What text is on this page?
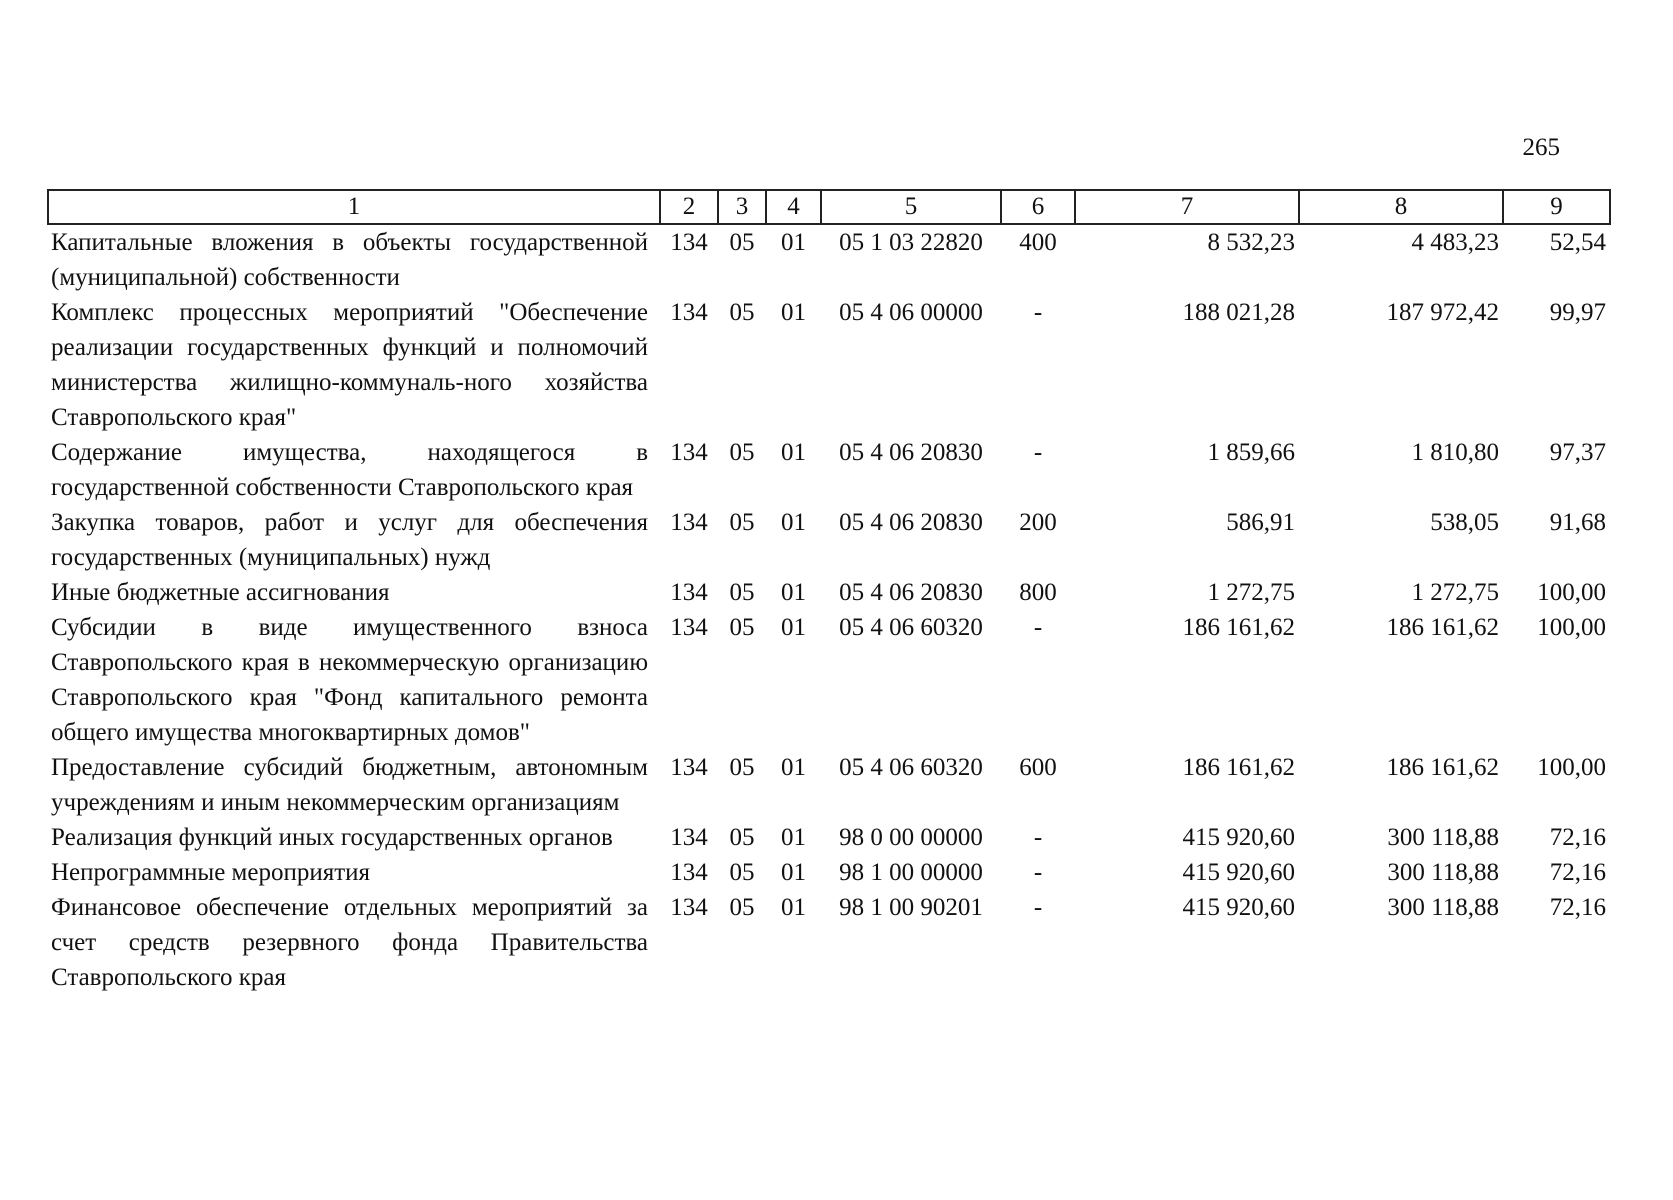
265
1	2	3	4	5	6	7	8	9
Капитальные вложения в объекты государственной (муниципальной) собственности	134	05	01	05 1 03 22820	400	8 532,23	4 483,23	52,54
Комплекс процессных мероприятий "Обеспечение реализации государственных функций и полномочий министерства жилищно-коммуналь-ного хозяйства Ставропольского края"	134	05	01	05 4 06 00000	-	188 021,28	187 972,42	99,97
Содержание имущества, находящегося в государственной собственности Ставропольского края	134	05	01	05 4 06 20830	-	1 859,66	1 810,80	97,37
Закупка товаров, работ и услуг для обеспечения государственных (муниципальных) нужд	134	05	01	05 4 06 20830	200	586,91	538,05	91,68
Иные бюджетные ассигнования	134	05	01	05 4 06 20830	800	1 272,75	1 272,75	100,00
Субсидии в виде имущественного взноса Ставропольского края в некоммерческую организацию Ставропольского края "Фонд капитального ремонта общего имущества многоквартирных домов"	134	05	01	05 4 06 60320	-	186 161,62	186 161,62	100,00
Предоставление субсидий бюджетным, автономным учреждениям и иным некоммерческим организациям	134	05	01	05 4 06 60320	600	186 161,62	186 161,62	100,00
Реализация функций иных государственных органов	134	05	01	98 0 00 00000	-	415 920,60	300 118,88	72,16
Непрограммные мероприятия	134	05	01	98 1 00 00000	-	415 920,60	300 118,88	72,16
Финансовое обеспечение отдельных мероприятий за счет средств резервного фонда Правительства Ставропольского края	134	05	01	98 1 00 90201	-	415 920,60	300 118,88	72,16
